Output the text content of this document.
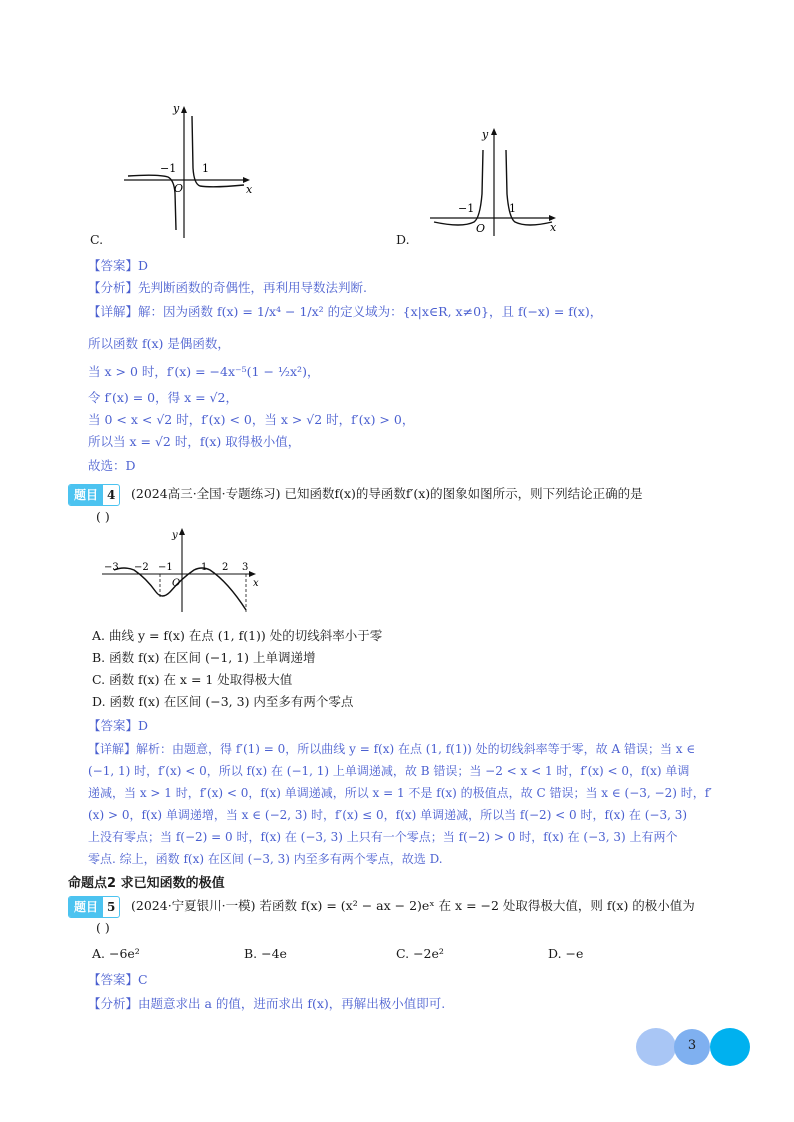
−1 1
O	x
y
C.
−1	1
O	x
y
D.
【答案】D
【分析】先判断函数的奇偶性，再利用导数法判断.
【详解】解：因为函数 f(x) = 1/x⁴ − 1/x² 的定义域为：{x|x∈R, x≠0}，且 f(−x) = f(x)，
所以函数 f(x) 是偶函数，
当 x > 0 时，f′(x) = −4x⁻⁵(1 − ½x²)，
令 f′(x) = 0，得 x = √2，
当 0 < x < √2 时，f′(x) < 0，当 x > √2 时，f′(x) > 0，
所以当 x = √2 时，f(x) 取得极小值，
故选：D
题目 4	(2024高三·全国·专题练习) 已知函数f(x)的导函数f′(x)的图象如图所示，则下列结论正确的是
( )
−3 −2 −1	1 2 3
O	x
y
A. 曲线 y = f(x) 在点 (1, f(1)) 处的切线斜率小于零
B. 函数 f(x) 在区间 (−1, 1) 上单调递增
C. 函数 f(x) 在 x = 1 处取得极大值
D. 函数 f(x) 在区间 (−3, 3) 内至多有两个零点
【答案】D
【详解】解析：由题意，得 f′(1) = 0，所以曲线 y = f(x) 在点 (1, f(1)) 处的切线斜率等于零，故 A 错误；当 x ∈
(−1, 1) 时，f′(x) < 0，所以 f(x) 在 (−1, 1) 上单调递减，故 B 错误；当 −2 < x < 1 时，f′(x) < 0，f(x) 单调
递减，当 x > 1 时，f′(x) < 0，f(x) 单调递减，所以 x = 1 不是 f(x) 的极值点，故 C 错误；当 x ∈ (−3, −2) 时，f′
(x) > 0，f(x) 单调递增，当 x ∈ (−2, 3) 时，f′(x) ≤ 0，f(x) 单调递减，所以当 f(−2) < 0 时，f(x) 在 (−3, 3)
上没有零点；当 f(−2) = 0 时，f(x) 在 (−3, 3) 上只有一个零点；当 f(−2) > 0 时，f(x) 在 (−3, 3) 上有两个
零点. 综上，函数 f(x) 在区间 (−3, 3) 内至多有两个零点，故选 D.
命题点2 求已知函数的极值
题目 5	(2024·宁夏银川·一模) 若函数 f(x) = (x² − ax − 2)eˣ 在 x = −2 处取得极大值，则 f(x) 的极小值为
( )
A. −6e²	B. −4e	C. −2e²	D. −e
【答案】C
【分析】由题意求出 a 的值，进而求出 f(x)，再解出极小值即可.
3
